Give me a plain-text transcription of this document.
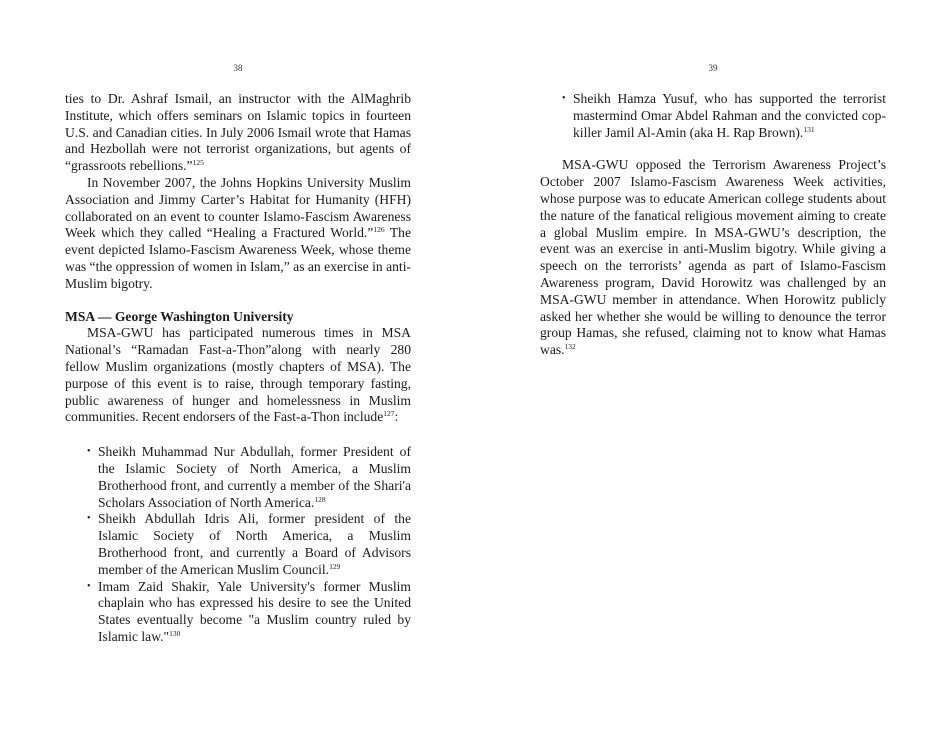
38

ties to Dr. Ashraf Ismail, an instructor with the AlMaghrib Institute, which offers seminars on Islamic topics in fourteen U.S. and Canadian cities. In July 2006 Ismail wrote that Hamas and Hezbollah were not terrorist organizations, but agents of “grassroots rebellions.”$^{125}$

In November 2007, the Johns Hopkins University Muslim Association and Jimmy Carter’s Habitat for Humanity (HFH) collaborated on an event to counter Islamo-Fascism Awareness Week which they called “Healing a Fractured World.”$^{126}$ The event depicted Islamo-Fascism Awareness Week, whose theme was “the oppression of women in Islam,” as an exercise in anti-Muslim bigotry.

MSA — George Washington University

MSA-GWU has participated numerous times in MSA National’s “Ramadan Fast-a-Thon”along with nearly 280 fellow Muslim organizations (mostly chapters of MSA). The purpose of this event is to raise, through temporary fasting, public awareness of hunger and homelessness in Muslim communities. Recent endorsers of the Fast-a-Thon include$^{127}$:

• Sheikh Muhammad Nur Abdullah, former President of the Islamic Society of North America, a Muslim Brotherhood front, and currently a member of the Shari'a Scholars Association of North America.$^{128}$
• Sheikh Abdullah Idris Ali, former president of the Islamic Society of North America, a Muslim Brotherhood front, and currently a Board of Advisors member of the American Muslim Council.$^{129}$
• Imam Zaid Shakir, Yale University's former Muslim chaplain who has expressed his desire to see the United States eventually become "a Muslim country ruled by Islamic law."$^{130}$
39
• Sheikh Hamza Yusuf, who has supported the terrorist mastermind Omar Abdel Rahman and the convicted cop-killer Jamil Al-Amin (aka H. Rap Brown).$^{131}$

MSA-GWU opposed the Terrorism Awareness Project’s October 2007 Islamo-Fascism Awareness Week activities, whose purpose was to educate American college students about the nature of the fanatical religious movement aiming to create a global Muslim empire. In MSA-GWU’s description, the event was an exercise in anti-Muslim bigotry. While giving a speech on the terrorists’ agenda as part of Islamo-Fascism Awareness program, David Horowitz was challenged by an MSA-GWU member in attendance. When Horowitz publicly asked her whether she would be willing to denounce the terror group Hamas, she refused, claiming not to know what Hamas was.$^{132}$
